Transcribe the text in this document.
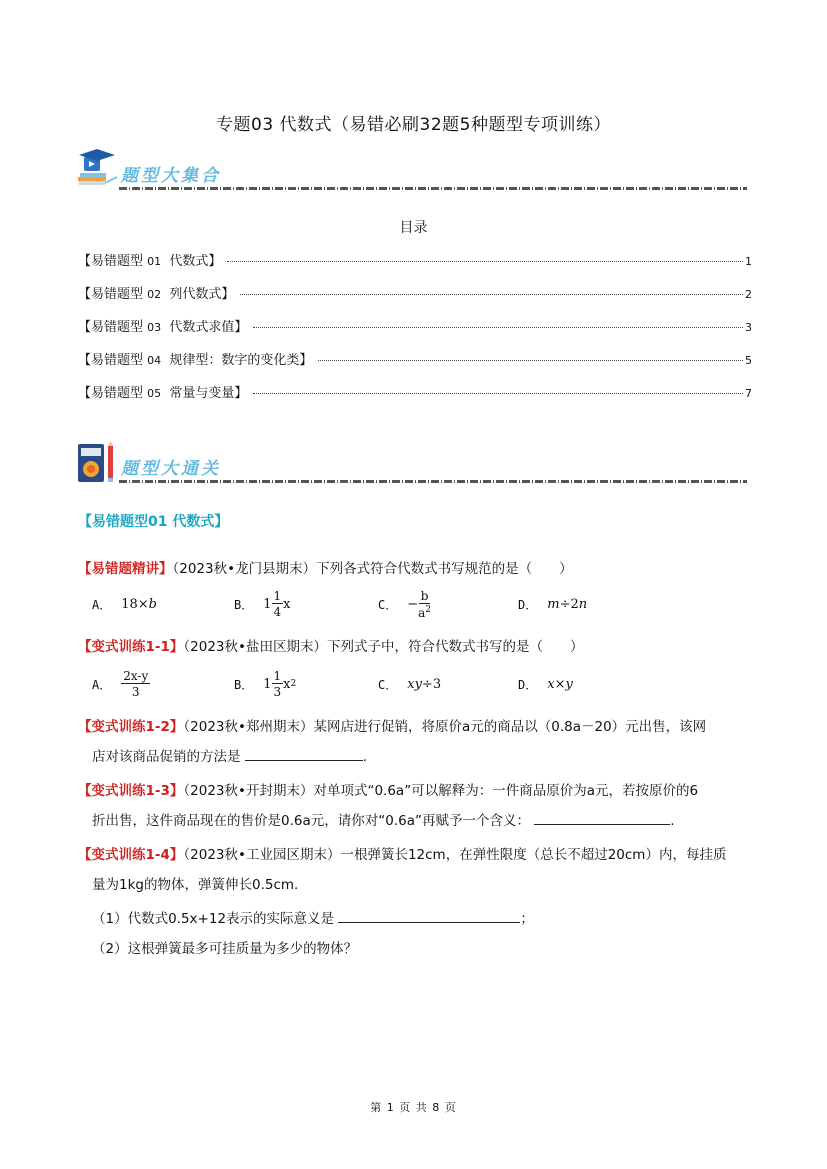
专题03 代数式（易错必刷32题5种题型专项训练）
题型大集合
目录
【易错题型 01 代数式】	1
【易错题型 02 列代数式】	2
【易错题型 03 代数式求值】	3
【易错题型 04 规律型：数字的变化类】	5
【易错题型 05 常量与变量】	7
题型大通关
【易错题型01 代数式】
【易错题精讲】（2023秋•龙门县期末）下列各式符合代数式书写规范的是（　　）
A． 18× b	B． $1 \frac{1}{4}$ x	C． − $\frac{b}{a^2}$	D． m ÷2 n
【变式训练1-1】（2023秋•盐田区期末）下列式子中，符合代数式书写的是（　　）
A． $\frac{2x-y}{3}$	B． $1 \frac{1}{3}$ x 2	C． xy ÷3	D． x × y
【变式训练1-2】（2023秋•郑州期末）某网店进行促销，将原价a元的商品以（0.8a－20）元出售，该网
店对该商品促销的方法是	.
【变式训练1-3】（2023秋•开封期末）对单项式“0.6a”可以解释为：一件商品原价为a元，若按原价的6
折出售，这件商品现在的售价是0.6a元，请你对“0.6a”再赋予一个含义：	.
【变式训练1-4】（2023秋•工业园区期末）一根弹簧长12cm，在弹性限度（总长不超过20cm）内，每挂质
量为1kg的物体，弹簧伸长0.5cm.
（1）代数式0.5x+12表示的实际意义是	；
（2）这根弹簧最多可挂质量为多少的物体？
第 1 页 共 8 页
